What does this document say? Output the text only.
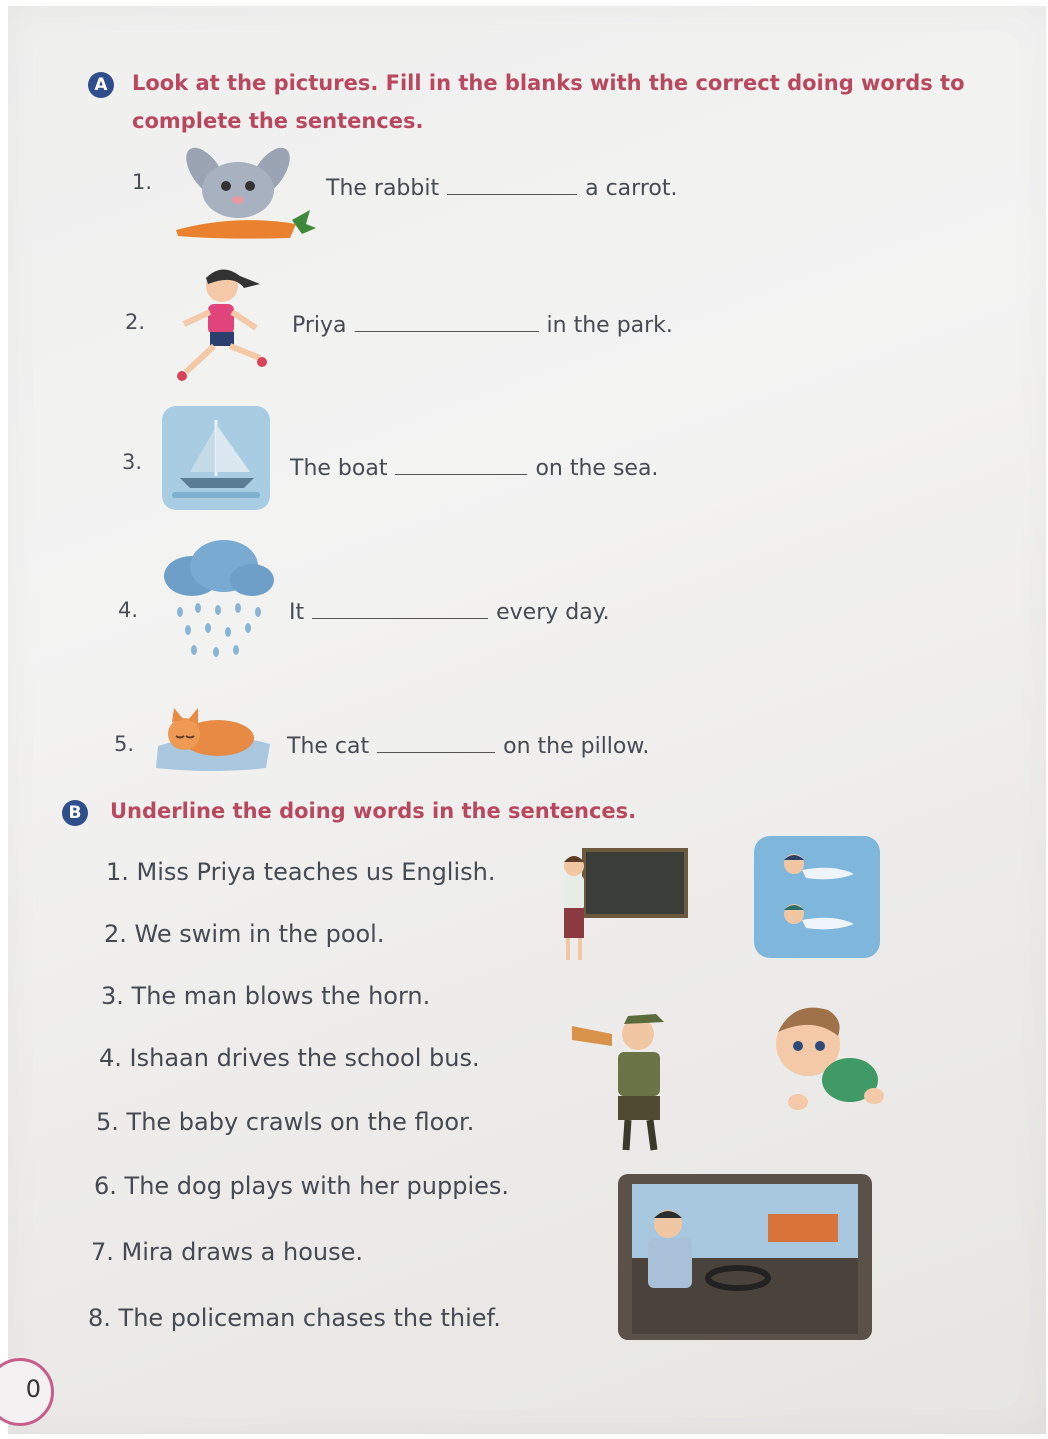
A	Look at the pictures. Fill in the blanks with the correct doing words to
complete the sentences.
1.	The rabbit	a carrot.
2.	Priya	in the park.
3.	The boat	on the sea.
4.	It	every day.
5.	The cat	on the pillow.
B	Underline the doing words in the sentences.
1. Miss Priya teaches us English.
2. We swim in the pool.
3. The man blows the horn.
4. Ishaan drives the school bus.
5. The baby crawls on the floor.
6. The dog plays with her puppies.
7. Mira draws a house.
8. The policeman chases the thief.
0
